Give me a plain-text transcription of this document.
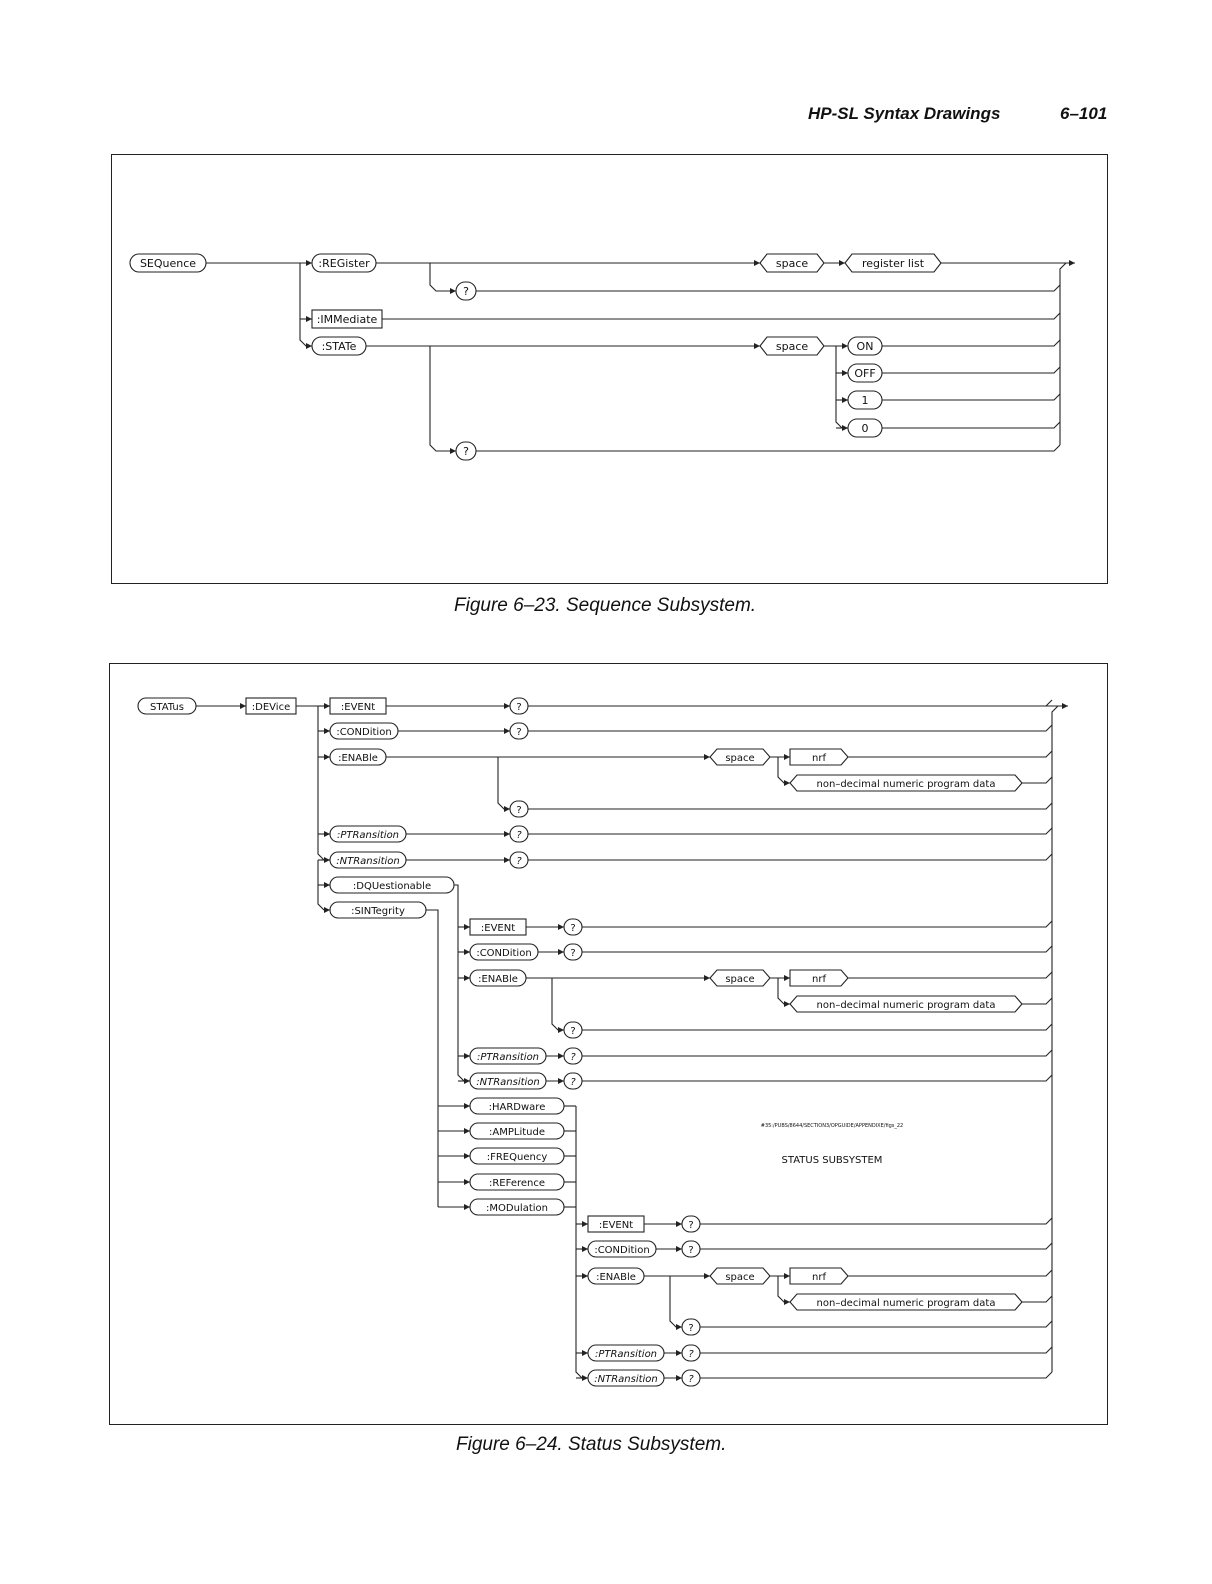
HP-SL Syntax Drawings	6–101
Figure 6–23. Sequence Subsystem.
Figure 6–24. Status Subsystem.
SEQuence	:REGister	space	register list
?
:IMMediate
:STATe	space	ON
OFF
1
0
?
STATus	:DEVice	:EVENt	?
:CONDition	?
:ENABle
:PTRansition	?
:NTRansition	?
space	nrf
non–decimal numeric program data
?
:DQUestionable
:SINTegrity
:EVENt	?
:CONDition	?
:ENABle
:PTRansition	?
:NTRansition	?
space	nrf
non–decimal numeric program data
?
:HARDware
:AMPLitude
:FREQuency
:REFerence
:MODulation
#35:/PUBS/8644/SECTION3/OPGUIDE/APPENDIXE/figs_22
STATUS SUBSYSTEM
:EVENt	?
:CONDition	?
:ENABle
:PTRansition	?
:NTRansition	?
space	nrf
non–decimal numeric program data
?
